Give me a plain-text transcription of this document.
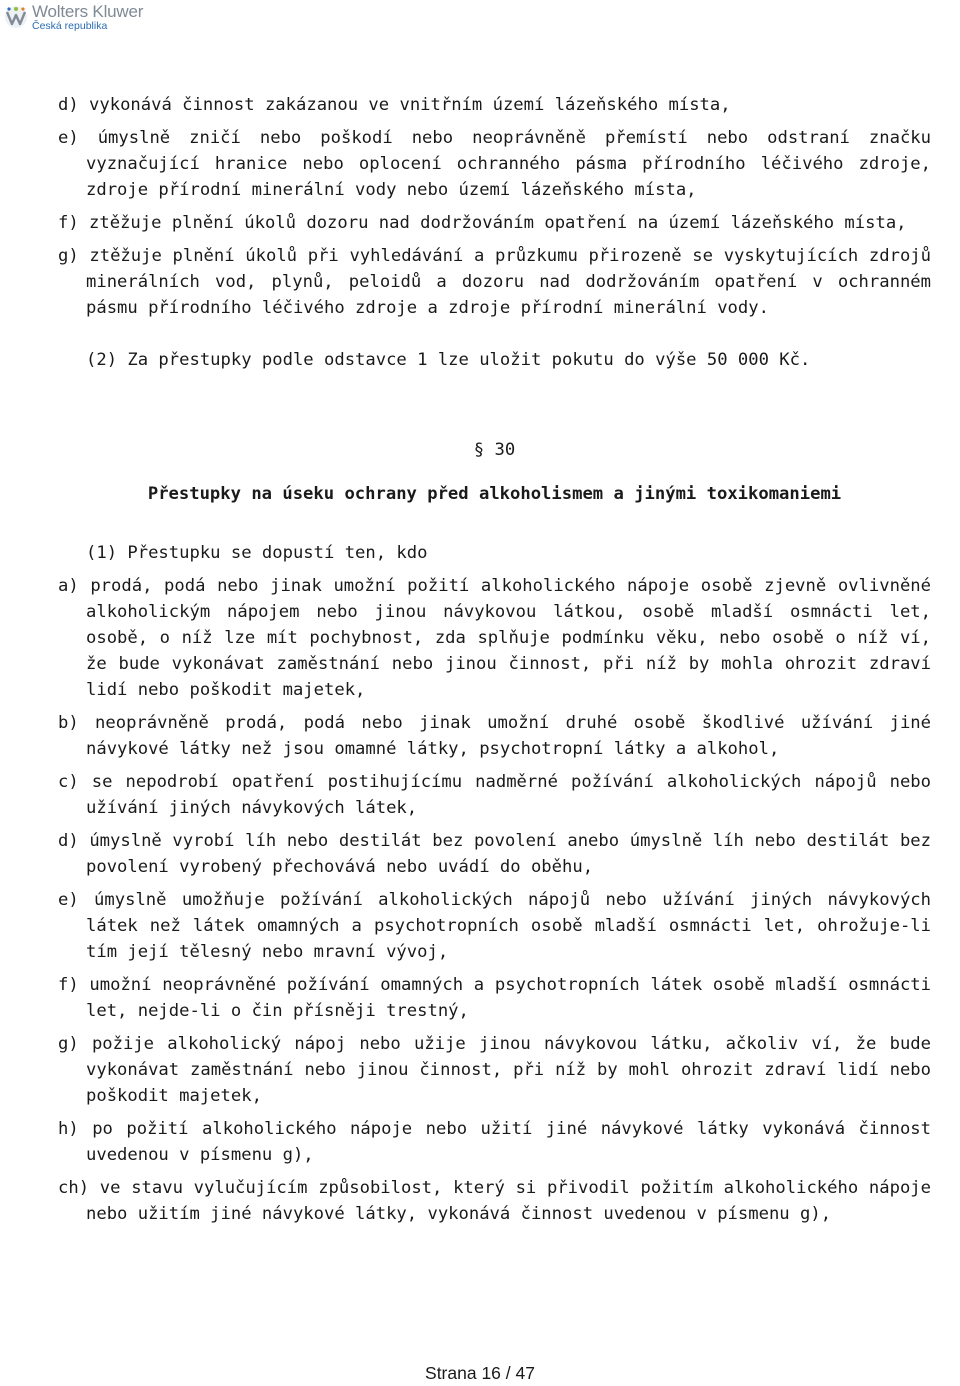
Wolters Kluwer
Česká republika

d) vykonává činnost zakázanou ve vnitřním území lázeňského místa,

e) úmyslně zničí nebo poškodí nebo neoprávněně přemístí nebo odstraní značku vyznačující hranice nebo oplocení ochranného pásma přírodního léčivého zdroje, zdroje přírodní minerální vody nebo území lázeňského místa,

f) ztěžuje plnění úkolů dozoru nad dodržováním opatření na území lázeňského místa,

g) ztěžuje plnění úkolů při vyhledávání a průzkumu přirozeně se vyskytujících zdrojů minerálních vod, plynů, peloidů a dozoru nad dodržováním opatření v ochranném pásmu přírodního léčivého zdroje a zdroje přírodní minerální vody.

(2) Za přestupky podle odstavce 1 lze uložit pokutu do výše 50 000 Kč.

§ 30
Přestupky na úseku ochrany před alkoholismem a jinými toxikomaniemi

(1) Přestupku se dopustí ten, kdo

a) prodá, podá nebo jinak umožní požití alkoholického nápoje osobě zjevně ovlivněné alkoholickým nápojem nebo jinou návykovou látkou, osobě mladší osmnácti let, osobě, o níž lze mít pochybnost, zda splňuje podmínku věku, nebo osobě o níž ví, že bude vykonávat zaměstnání nebo jinou činnost, při níž by mohla ohrozit zdraví lidí nebo poškodit majetek,

b) neoprávněně prodá, podá nebo jinak umožní druhé osobě škodlivé užívání jiné návykové látky než jsou omamné látky, psychotropní látky a alkohol,

c) se nepodrobí opatření postihujícímu nadměrné požívání alkoholických nápojů nebo užívání jiných návykových látek,

d) úmyslně vyrobí líh nebo destilát bez povolení anebo úmyslně líh nebo destilát bez povolení vyrobený přechovává nebo uvádí do oběhu,

e) úmyslně umožňuje požívání alkoholických nápojů nebo užívání jiných návykových látek než látek omamných a psychotropních osobě mladší osmnácti let, ohrožuje-li tím její tělesný nebo mravní vývoj,

f) umožní neoprávněné požívání omamných a psychotropních látek osobě mladší osmnácti let, nejde-li o čin přísněji trestný,

g) požije alkoholický nápoj nebo užije jinou návykovou látku, ačkoliv ví, že bude vykonávat zaměstnání nebo jinou činnost, při níž by mohl ohrozit zdraví lidí nebo poškodit majetek,

h) po požití alkoholického nápoje nebo užití jiné návykové látky vykonává činnost uvedenou v písmenu g),

ch) ve stavu vylučujícím způsobilost, který si přivodil požitím alkoholického nápoje nebo užitím jiné návykové látky, vykonává činnost uvedenou v písmenu g),

Strana 16 / 47
